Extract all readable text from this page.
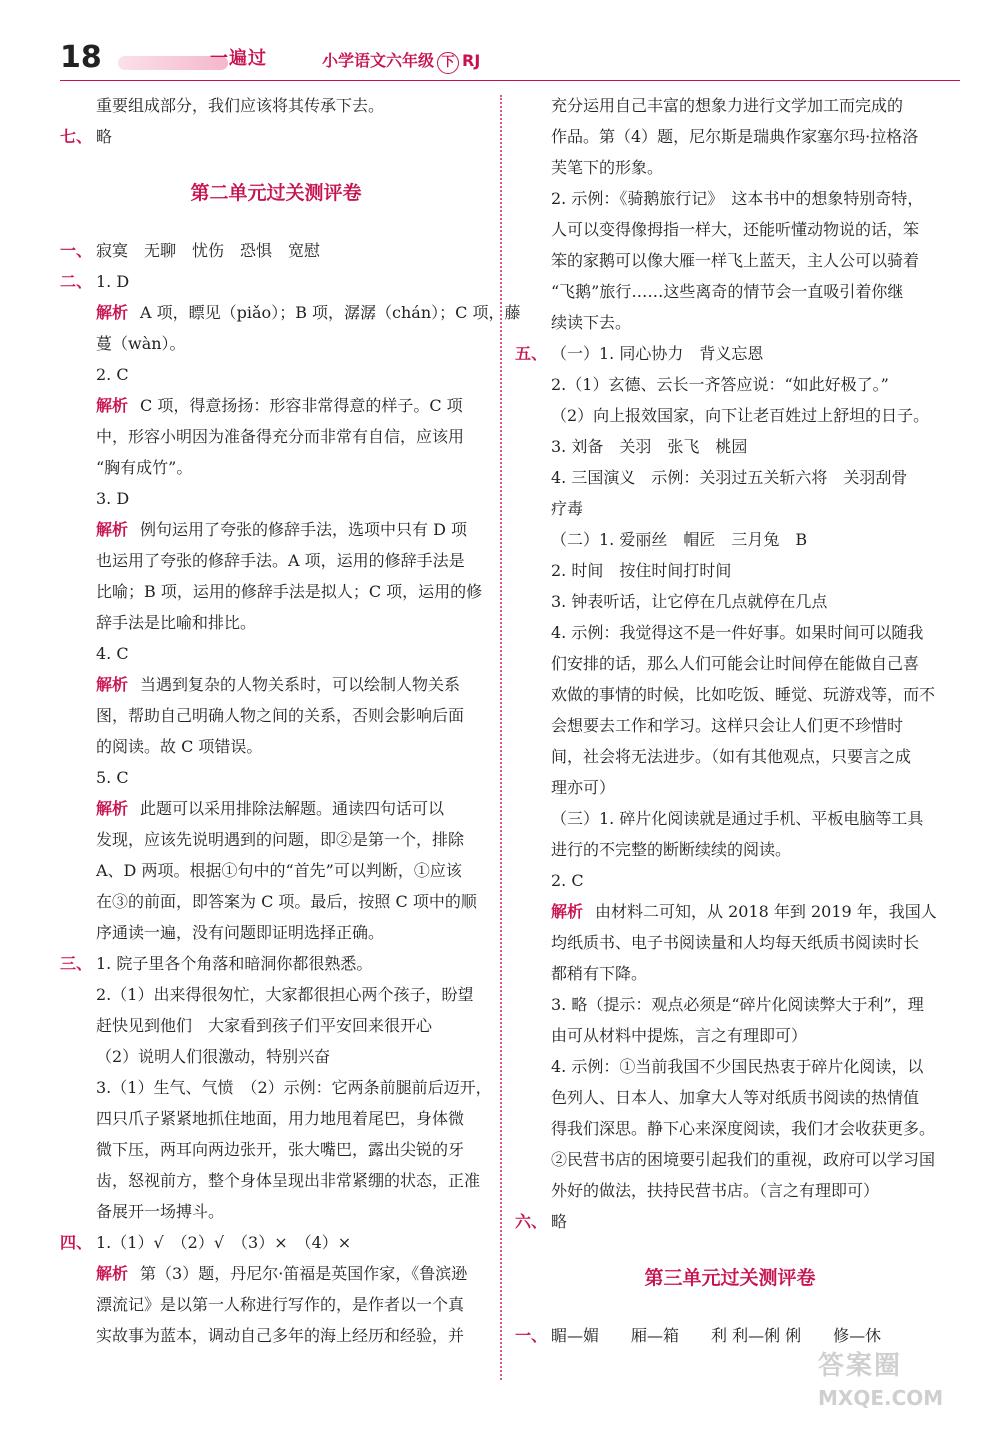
18	一遍过	小学语文六年级 下 RJ
重要组成部分，我们应该将其传承下去。
七、 略
第二单元过关测评卷
一、 寂寞　无聊　忧伤　恐惧　宽慰
二、 1. D
解析 A 项，瞟见（piǎo）；B 项，潺潺（chán）；C 项，藤
蔓（wàn）。
2. C
解析 C 项，得意扬扬：形容非常得意的样子。C 项
中，形容小明因为准备得充分而非常有自信，应该用
“胸有成竹”。
3. D
解析 例句运用了夸张的修辞手法，选项中只有 D 项
也运用了夸张的修辞手法。A 项，运用的修辞手法是
比喻；B 项，运用的修辞手法是拟人；C 项，运用的修
辞手法是比喻和排比。
4. C
解析 当遇到复杂的人物关系时，可以绘制人物关系
图，帮助自己明确人物之间的关系，否则会影响后面
的阅读。故 C 项错误。
5. C
解析 此题可以采用排除法解题。通读四句话可以
发现，应该先说明遇到的问题，即②是第一个，排除
A、D 两项。根据①句中的“首先”可以判断，①应该
在③的前面，即答案为 C 项。最后，按照 C 项中的顺
序通读一遍，没有问题即证明选择正确。
三、 1. 院子里各个角落和暗洞你都很熟悉。
2.（1）出来得很匆忙，大家都很担心两个孩子，盼望
赶快见到他们　大家看到孩子们平安回来很开心
（2）说明人们很激动，特别兴奋
3.（1）生气、气愤　（2）示例：它两条前腿前后迈开，
四只爪子紧紧地抓住地面，用力地甩着尾巴，身体微
微下压，两耳向两边张开，张大嘴巴，露出尖锐的牙
齿，怒视前方，整个身体呈现出非常紧绷的状态，正准
备展开一场搏斗。
四、 1.（1）√　（2）√　（3）×　（4）×
解析 第（3）题，丹尼尔·笛福是英国作家，《鲁滨逊
漂流记》是以第一人称进行写作的，是作者以一个真
实故事为蓝本，调动自己多年的海上经历和经验，并
充分运用自己丰富的想象力进行文学加工而完成的
作品。第（4）题，尼尔斯是瑞典作家塞尔玛·拉格洛
芙笔下的形象。
2. 示例：《骑鹅旅行记》　这本书中的想象特别奇特，
人可以变得像拇指一样大，还能听懂动物说的话，笨
笨的家鹅可以像大雁一样飞上蓝天，主人公可以骑着
“飞鹅”旅行……这些离奇的情节会一直吸引着你继
续读下去。
五、 （一）1. 同心协力　背义忘恩
2.（1）玄德、云长一齐答应说：“如此好极了。”
（2）向上报效国家，向下让老百姓过上舒坦的日子。
3. 刘备　关羽　张飞　桃园
4. 三国演义　示例：关羽过五关斩六将　关羽刮骨
疗毒
（二）1. 爱丽丝　帽匠　三月兔　B
2. 时间　按住时间打时间
3. 钟表听话，让它停在几点就停在几点
4. 示例：我觉得这不是一件好事。如果时间可以随我
们安排的话，那么人们可能会让时间停在能做自己喜
欢做的事情的时候，比如吃饭、睡觉、玩游戏等，而不
会想要去工作和学习。这样只会让人们更不珍惜时
间，社会将无法进步。（如有其他观点，只要言之成
理亦可）
（三）1. 碎片化阅读就是通过手机、平板电脑等工具
进行的不完整的断断续续的阅读。
2. C
解析 由材料二可知，从 2018 年到 2019 年，我国人
均纸质书、电子书阅读量和人均每天纸质书阅读时长
都稍有下降。
3. 略（提示：观点必须是“碎片化阅读弊大于利”，理
由可从材料中提炼，言之有理即可）
4. 示例：①当前我国不少国民热衷于碎片化阅读，以
色列人、日本人、加拿大人等对纸质书阅读的热情值
得我们深思。静下心来深度阅读，我们才会收获更多。
②民营书店的困境要引起我们的重视，政府可以学习国
外好的做法，扶持民营书店。（言之有理即可）
六、 略
第三单元过关测评卷
一、 睸—媚　　厢—箱　　利 利—俐 俐　　修—休
答案圈
MXQE.COM
